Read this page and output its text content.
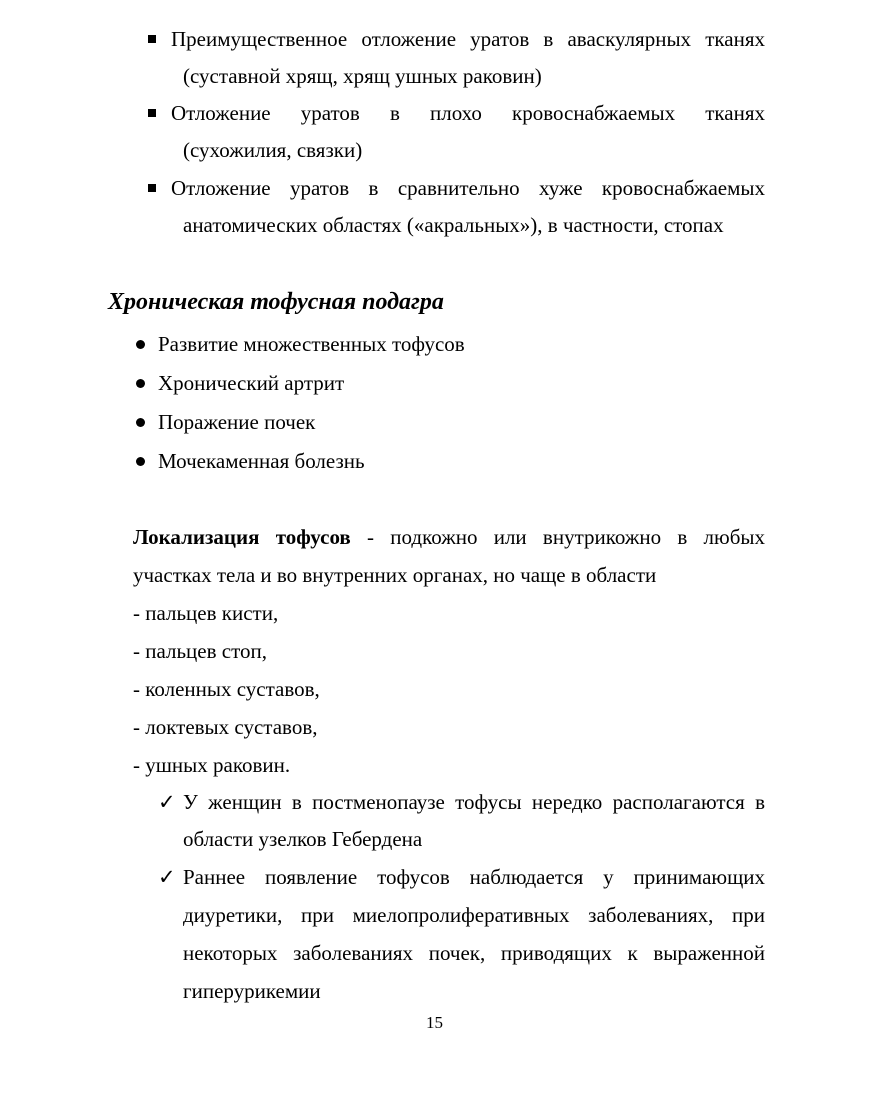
Преимущественное отложение уратов в аваскулярных тканях
(суставной хрящ, хрящ ушных раковин)
Отложение уратов в плохо кровоснабжаемых тканях
(сухожилия, связки)
Отложение уратов в сравнительно хуже кровоснабжаемых
анатомических областях («акральных»), в частности, стопах
Хроническая тофусная подагра
Развитие множественных тофусов
Хронический артрит
Поражение почек
Мочекаменная болезнь
Локализация тофусов - подкожно или внутрикожно в любых
участках тела и во внутренних органах, но чаще в области
- пальцев кисти,
- пальцев стоп,
- коленных суставов,
- локтевых суставов,
- ушных раковин.
✓ У женщин в постменопаузе тофусы нередко располагаются в
области узелков Гебердена
✓ Раннее появление тофусов наблюдается у принимающих
диуретики, при миелопролиферативных заболеваниях, при
некоторых заболеваниях почек, приводящих к выраженной
гиперурикемии
15
